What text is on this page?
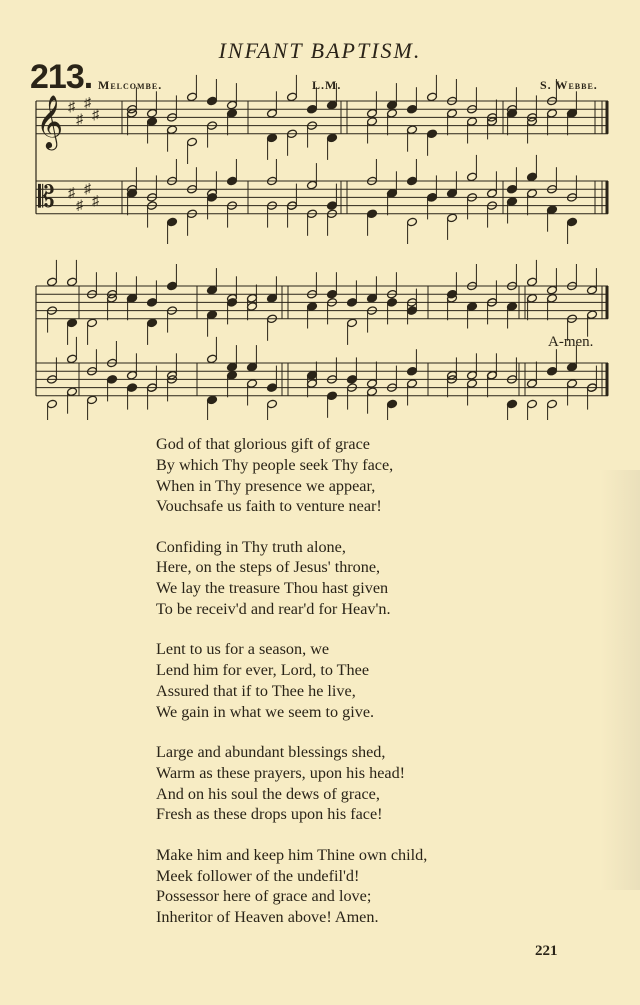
INFANT BAPTISM.
213. Melcombe.	L.M.	S. Webbe.
𝄞
𝄡
♯
♯
♯
♯
♯
♯
♯
♯
A-men.
God of that glorious gift of grace
By which Thy people seek Thy face,
When in Thy presence we appear,
Vouchsafe us faith to venture near!
Confiding in Thy truth alone,
Here, on the steps of Jesus' throne,
We lay the treasure Thou hast given
To be receiv'd and rear'd for Heav'n.
Lent to us for a season, we
Lend him for ever, Lord, to Thee
Assured that if to Thee he live,
We gain in what we seem to give.
Large and abundant blessings shed,
Warm as these prayers, upon his head!
And on his soul the dews of grace,
Fresh as these drops upon his face!
Make him and keep him Thine own child,
Meek follower of the undefil'd!
Possessor here of grace and love;
Inheritor of Heaven above! Amen.
221
